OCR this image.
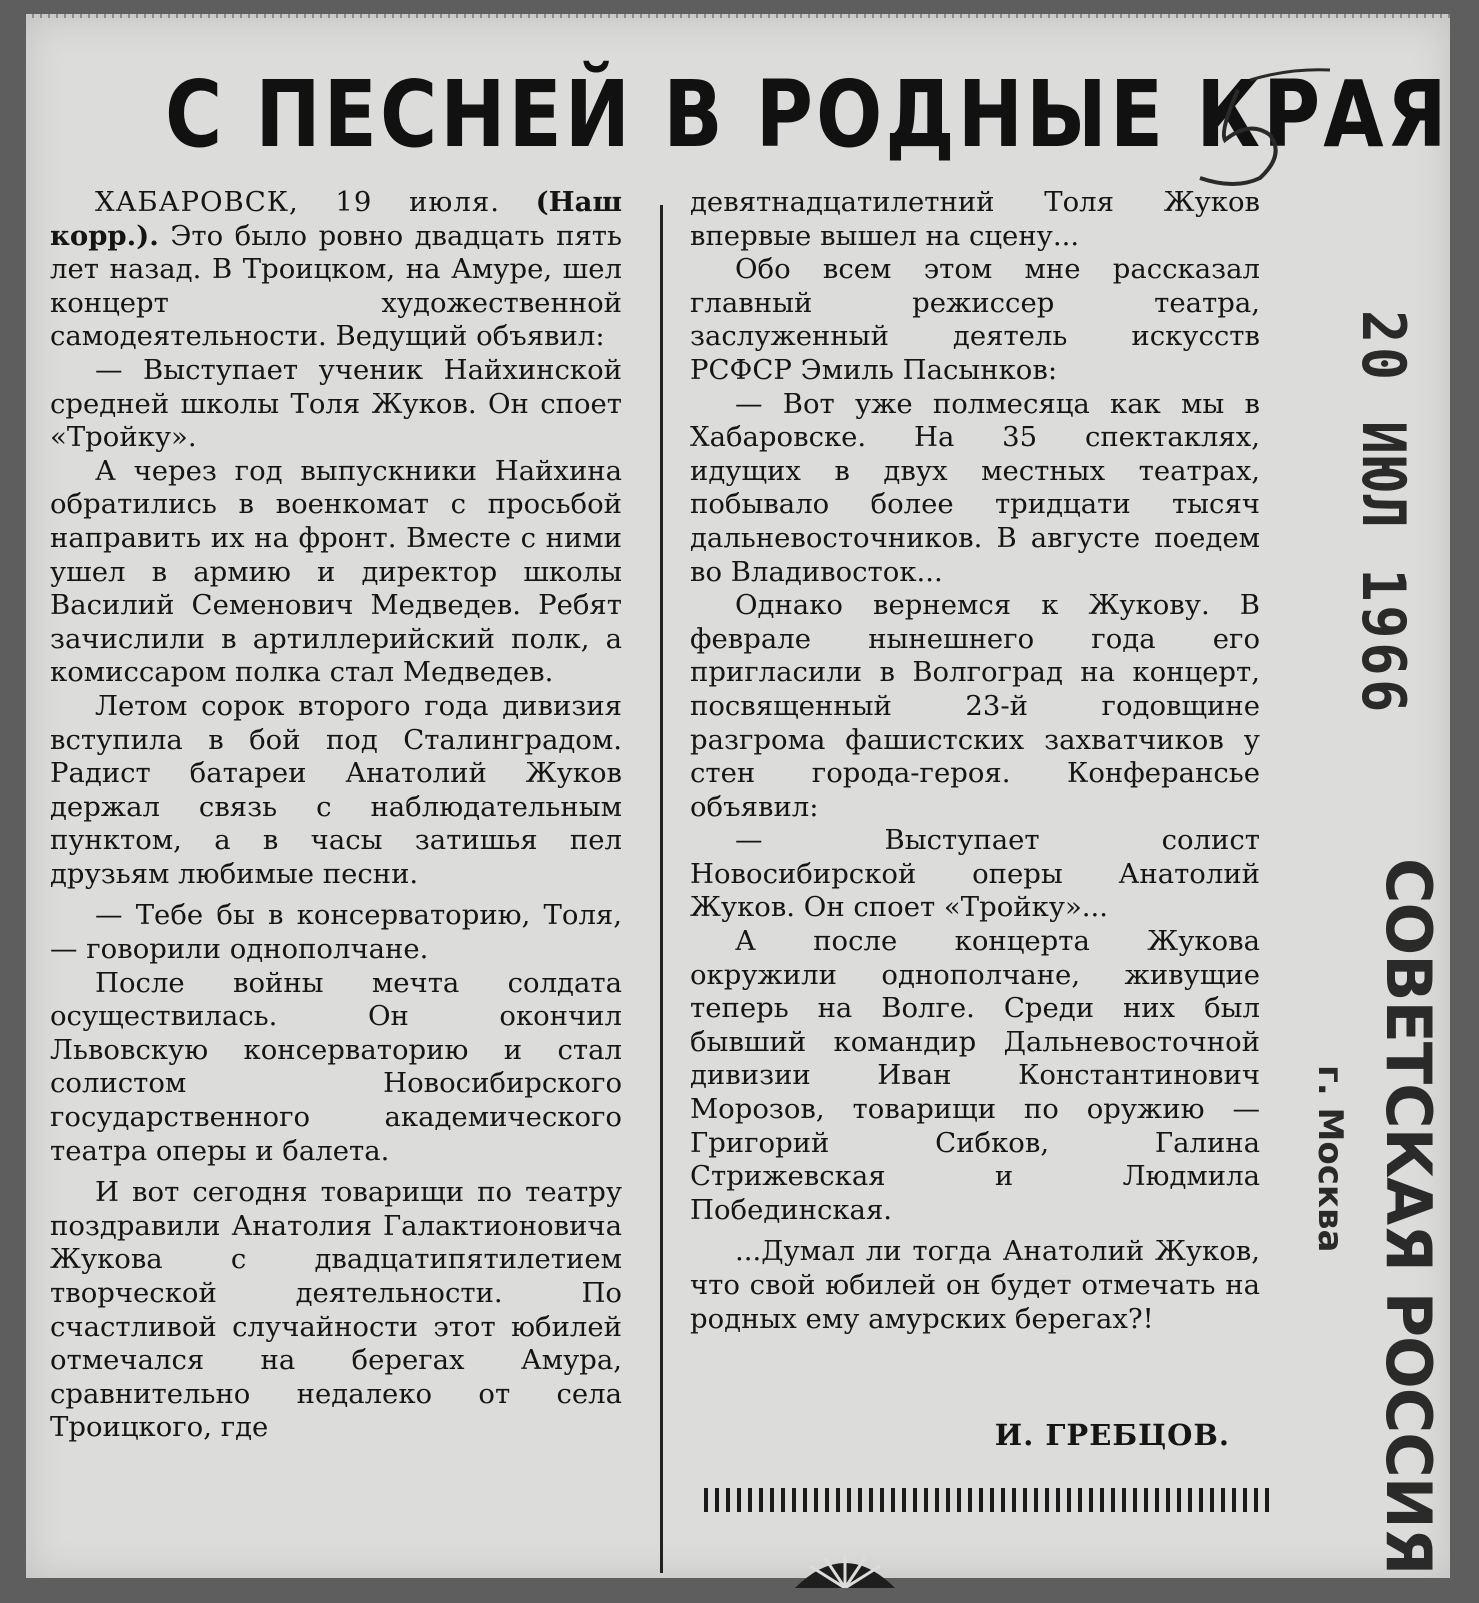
С ПЕСНЕЙ В РОДНЫЕ КРАЯ
5

ХАБАРОВСК, 19 июля. (Наш корр.). Это было ровно двадцать пять лет назад. В Троицком, на Амуре, шел концерт художественной самодеятельности. Ведущий объявил:

— Выступает ученик Найхинской средней школы Толя Жуков. Он споет «Тройку».

А через год выпускники Найхина обратились в военкомат с просьбой направить их на фронт. Вместе с ними ушел в армию и директор школы Василий Семенович Медведев. Ребят зачислили в артиллерийский полк, а комиссаром полка стал Медведев.

Летом сорок второго года дивизия вступила в бой под Сталинградом. Радист батареи Анатолий Жуков держал связь с наблюдательным пунктом, а в часы затишья пел друзьям любимые песни.

— Тебе бы в консерваторию, Толя, — говорили однополчане.

После войны мечта солдата осуществилась. Он окончил Львовскую консерваторию и стал солистом Новосибирского государственного академического театра оперы и балета.

И вот сегодня товарищи по театру поздравили Анатолия Галактионовича Жукова с двадцатипятилетием творческой деятельности. По счастливой случайности этот юбилей отмечался на берегах Амура, сравнительно недалеко от села Троицкого, где

девятнадцатилетний Толя Жуков впервые вышел на сцену...

Обо всем этом мне рассказал главный режиссер театра, заслуженный деятель искусств РСФСР Эмиль Пасынков:

— Вот уже полмесяца как мы в Хабаровске. На 35 спектаклях, идущих в двух местных театрах, побывало более тридцати тысяч дальневосточников. В августе поедем во Владивосток...

Однако вернемся к Жукову. В феврале нынешнего года его пригласили в Волгоград на концерт, посвященный 23-й годовщине разгрома фашистских захватчиков у стен города-героя. Конферансье объявил:

— Выступает солист Новосибирской оперы Анатолий Жуков. Он споет «Тройку»...

А после концерта Жукова окружили однополчане, живущие теперь на Волге. Среди них был бывший командир Дальневосточной дивизии Иван Константинович Морозов, товарищи по оружию — Григорий Сибков, Галина Стрижевская и Людмила Побединская.

...Думал ли тогда Анатолий Жуков, что свой юбилей он будет отмечать на родных ему амурских берегах?!

И. ГРЕБЦОВ.
20 ИЮЛ 1966
СОВЕТСКАЯ РОССИЯ
г. Москва
